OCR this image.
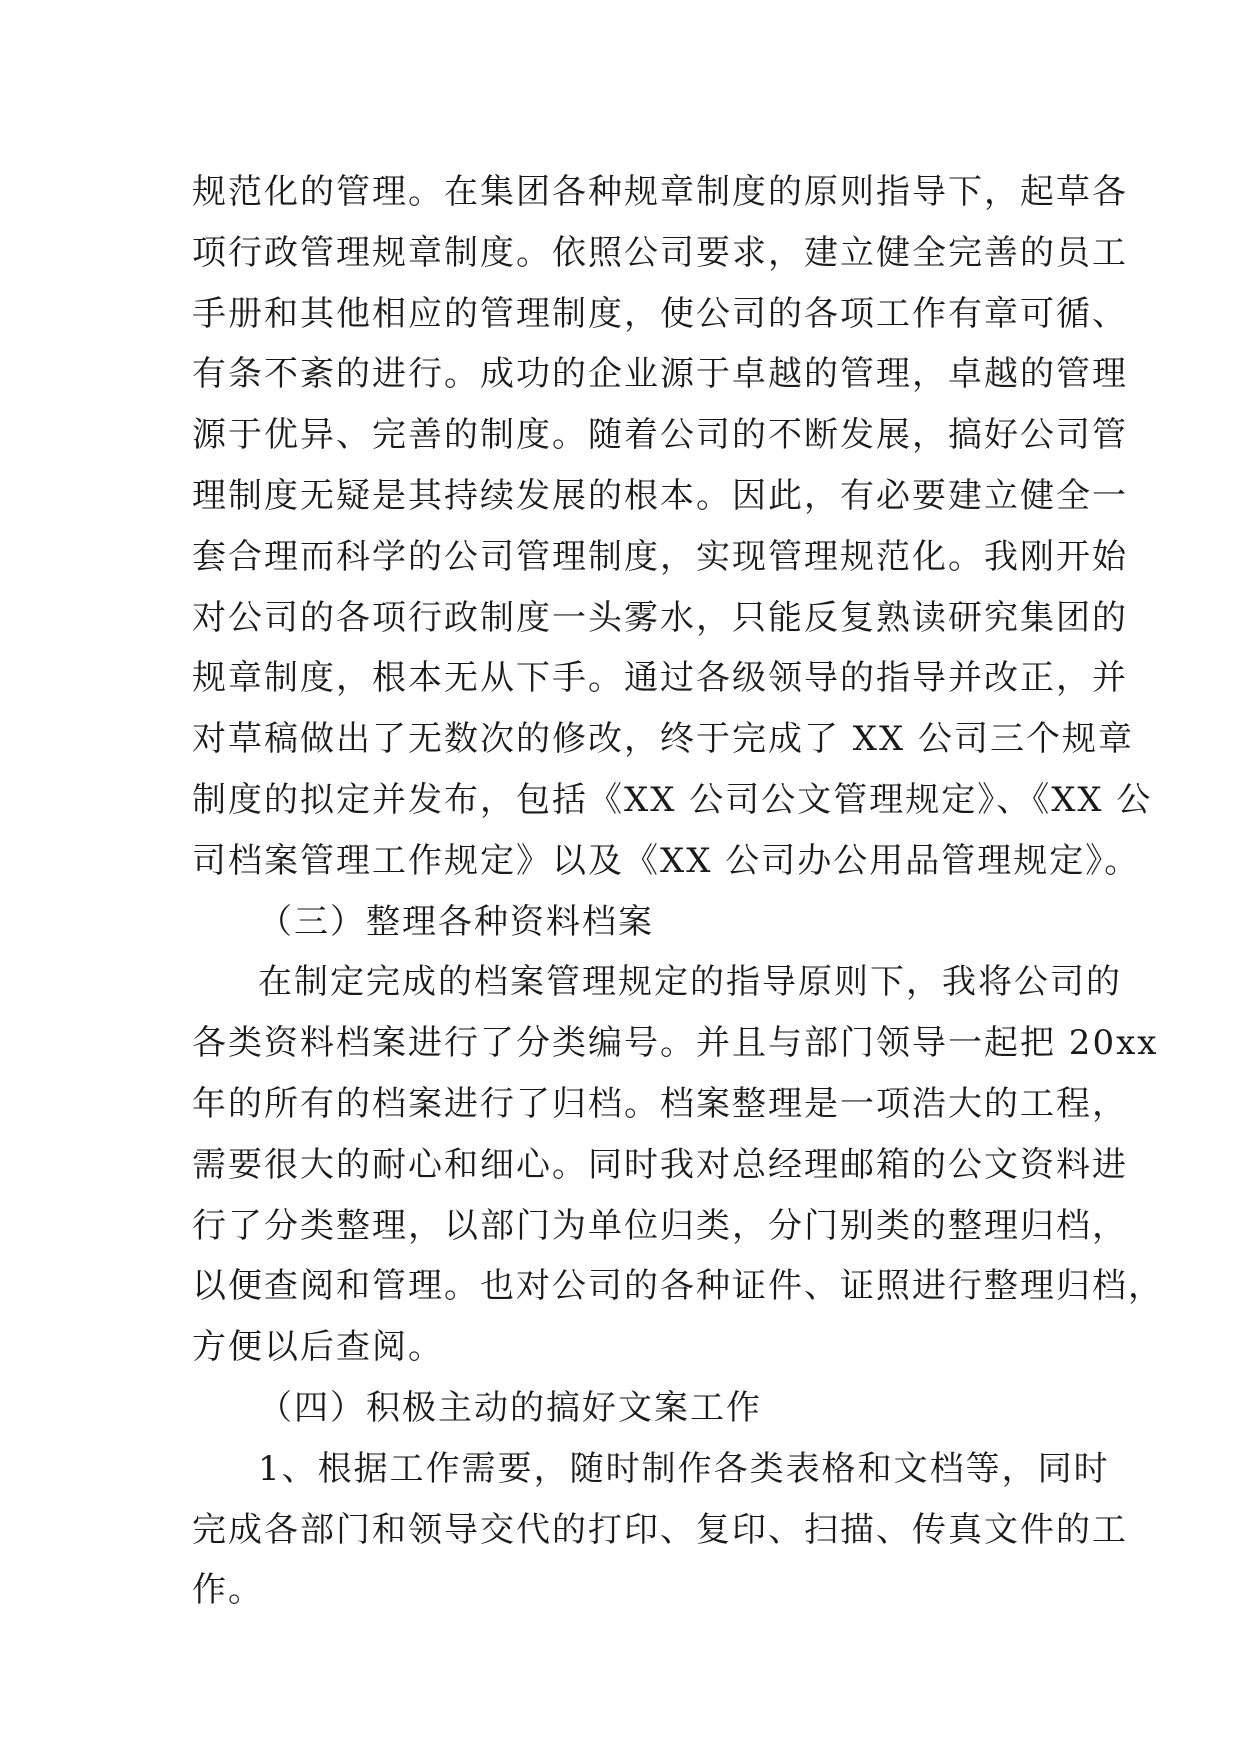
规范化的管理。在集团各种规章制度的原则指导下，起草各
项行政管理规章制度。依照公司要求，建立健全完善的员工
手册和其他相应的管理制度，使公司的各项工作有章可循、
有条不紊的进行。成功的企业源于卓越的管理，卓越的管理
源于优异、完善的制度。随着公司的不断发展，搞好公司管
理制度无疑是其持续发展的根本。因此，有必要建立健全一
套合理而科学的公司管理制度，实现管理规范化。我刚开始
对公司的各项行政制度一头雾水，只能反复熟读研究集团的
规章制度，根本无从下手。通过各级领导的指导并改正，并
对草稿做出了无数次的修改，终于完成了 XX 公司三个规章
制度的拟定并发布，包括《XX 公司公文管理规定》、《XX 公
司档案管理工作规定》以及《XX 公司办公用品管理规定》。
（三）整理各种资料档案
在制定完成的档案管理规定的指导原则下，我将公司的
各类资料档案进行了分类编号。并且与部门领导一起把 20xx
年的所有的档案进行了归档。档案整理是一项浩大的工程，
需要很大的耐心和细心。同时我对总经理邮箱的公文资料进
行了分类整理，以部门为单位归类，分门别类的整理归档，
以便查阅和管理。也对公司的各种证件、证照进行整理归档，
方便以后查阅。
（四）积极主动的搞好文案工作
1、根据工作需要，随时制作各类表格和文档等，同时
完成各部门和领导交代的打印、复印、扫描、传真文件的工
作。
